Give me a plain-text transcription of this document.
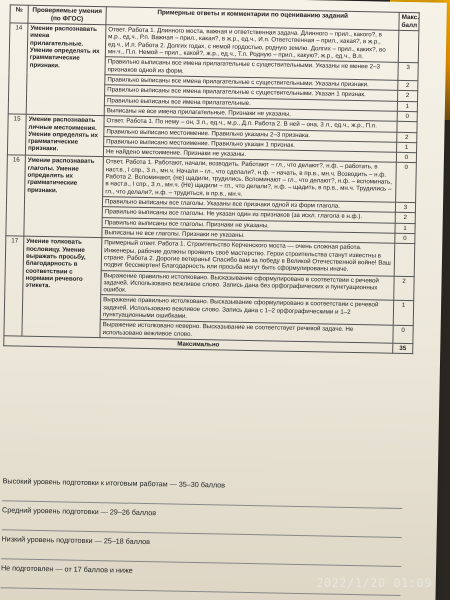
№	Проверяемые умения (по ФГОС)	Примерные ответы и комментарии по оцениванию заданий	Макс. балл
14	Умение распознавать имена прилагательные. Умение определять их грамматические признаки.	Ответ. Работа 1. Длинного моста, важная и ответственная задача. Длинного – прил., какого?, в м.р., ед.ч., Р.п. Важная – прил., какая?, в ж.р., ед.ч., И.п. Ответственная – прил., какая?, в ж.р., ед.ч., И.п. Работа 2. Долгих годах, с немой гордостью, родную землю. Долгих – прил., каких?, во мн.ч., П.п. Немой – прил., какой?, ж.р., ед.ч., Т.п. Родную – прил., какую?, ж.р., ед.ч., В.п.	
		Правильно выписаны все имена прилагательные с существительными. Указаны не менее 2–3 признаков одной из форм.	3
		Правильно выписаны все имена прилагательные с существительными. Указаны признаки.	2
		Правильно выписаны все имена прилагательные с существительными. Указан 1 признак.	2
		Правильно выписаны все имена прилагательные.	1
		Выписаны не все имена прилагательные. Признаки не указаны.	0
15	Умение распознавать личные местоимения. Умение определять их грамматические признаки.	Ответ. Работа 1. По нему – он, 3 л., ед.ч., м.р., Д.п. Работа 2. В ней – она, 3 л., ед.ч., ж.р., П.п.	
		Правильно выписано местоимение. Правильно указаны 2–3 признака.	2
		Правильно выписано местоимение. Правильно указан 1 признак.	1
		Не найдено местоимение. Признаки не указаны.	0
16	Умение распознавать глаголы. Умение определять их грамматические признаки.	Ответ. Работа 1. Работают, начали, возводить. Работают – гл., что делают?, н.ф. – работать, в наст.в., I спр., 3 л., мн.ч. Начали – гл., что сделали?, н.ф. – начать, в пр.в., мн.ч. Возводить – н.ф. Работа 2. Вспоминают, (не) щадили, трудились. Вспоминают – гл., что делают?, н.ф. – вспоминать, в наст.в., I спр., 3 л., мн.ч. (Не) щадили – гл., что делали?, н.ф. – щадить, в пр.в., мн.ч. Трудились – гл., что делали?, н.ф. – трудиться, в пр.в., мн.ч.	0
		Правильно выписаны все глаголы. Указаны все признаки одной из форм глагола.	3
		Правильно выписаны все глаголы. Не указан один из признаков (за искл. глагола в н.ф.).	2
		Правильно выписаны все глаголы. Признаки не указаны.	1
		Выписаны не все глаголы. Признаки не указаны.	0
17	Умение толковать пословицу. Умение выражать просьбу, благодарность в соответствии с нормами речевого этикета.	Примерный ответ. Работа 1. Строительство Керченского моста — очень сложная работа. Инженеры, рабочие должны проявить своё мастерство. Герои строительства станут известны в стране. Работа 2. Дорогие ветераны! Спасибо вам за победу в Великой Отечественной войне! Ваш подвиг бессмертен! Благодарность или просьба могут быть сформулированы иначе.	
		Выражение правильно истолковано. Высказывание сформулировано в соответствии с речевой задачей. Использовано вежливое слово. Запись дана без орфографических и пунктуационных ошибок.	2
		Выражение правильно истолковано. Высказывание сформулировано в соответствии с речевой задачей. Использовано вежливое слово. Запись дана с 1–2 орфографическими и 1–2 пунктуационными ошибками.	1
		Выражение истолковано неверно. Высказывание не соответствует речевой задаче. Не использовано вежливое слово.	0
Максимально			35
Высокий уровень подготовки к итоговым работам — 35–30 баллов
Средний уровень подготовки — 29–26 баллов
Низкий уровень подготовки — 25–18 баллов
Не подготовлен — от 17 баллов и ниже
2022/1/20 01:09
